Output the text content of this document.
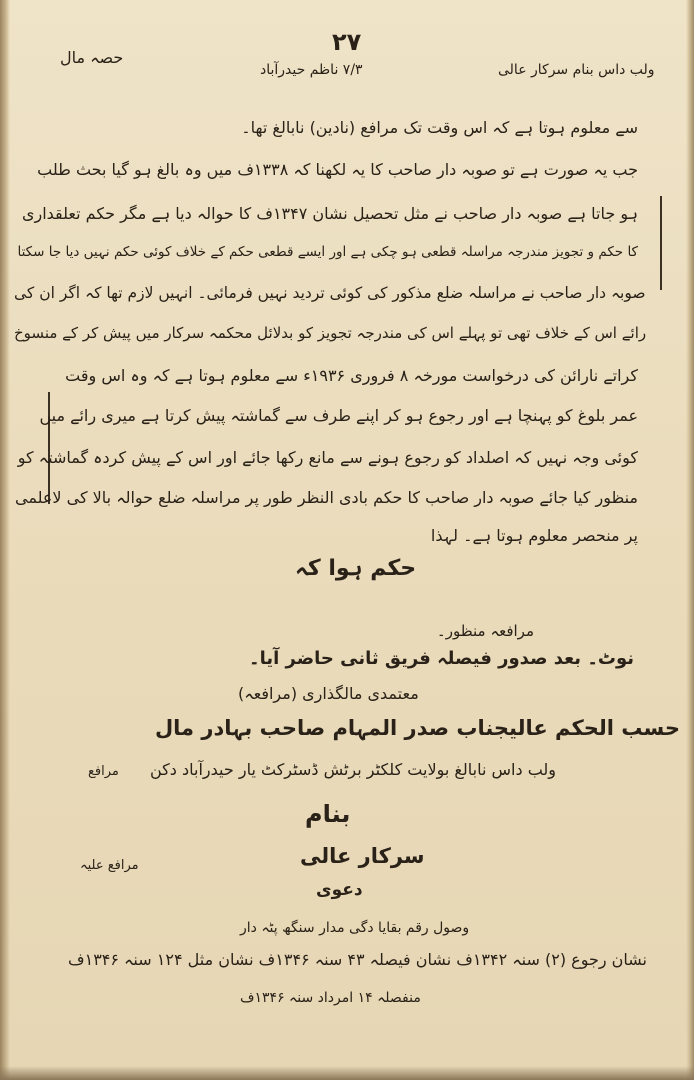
۲۷
حصہ مال
۷/۳ ناظم حیدرآباد	ولب داس بنام سرکار عالی
سے معلوم ہوتا ہے کہ اس وقت تک مرافع (نادین) نابالغ تھا۔
جب یہ صورت ہے تو صوبہ دار صاحب کا یہ لکھنا کہ ۱۳۳۸ف میں وہ بالغ ہو گیا بحث طلب
ہو جاتا ہے صوبہ دار صاحب نے مثل تحصیل نشان ۱۳۴۷ف کا حوالہ دیا ہے مگر حکم تعلقداری
کا حکم و تجویز مندرجہ مراسلہ قطعی ہو چکی ہے اور ایسے قطعی حکم کے خلاف کوئی حکم نہیں دیا جا سکتا
صوبہ دار صاحب نے مراسلہ ضلع مذکور کی کوئی تردید نہیں فرمائی۔ انہیں لازم تھا کہ اگر ان کی
رائے اس کے خلاف تھی تو پہلے اس کی مندرجہ تجویز کو بدلائل محکمہ سرکار میں پیش کر کے منسوخ
کراتے نارائن کی درخواست مورخہ ۸ فروری ۱۹۳۶ء سے معلوم ہوتا ہے کہ وہ اس وقت
عمر بلوغ کو پہنچا ہے اور رجوع ہو کر اپنے طرف سے گماشتہ پیش کرتا ہے میری رائے میں
کوئی وجہ نہیں کہ اصلداد کو رجوع ہونے سے مانع رکھا جائے اور اس کے پیش کردہ گماشتہ کو
منظور کیا جائے صوبہ دار صاحب کا حکم بادی النظر طور پر مراسلہ ضلع حوالہ بالا کی لاعلمی
پر منحصر معلوم ہوتا ہے۔ لہذا
حکم ہوا کہ
مرافعہ منظور۔
نوٹ۔ بعد صدور فیصلہ فریق ثانی حاضر آیا۔
معتمدی مالگذاری (مرافعہ)
حسب الحکم عالیجناب صدر المہام صاحب بہادر مال
ولب داس نابالغ بولایت کلکٹر برٹش ڈسٹرکٹ یار حیدرآباد دکن
مرافع
بنام
سرکار عالی
مرافع علیہ
دعوی
وصول رقم بقایا دگی مدار سنگھ پٹہ دار
نشان رجوع (۲) سنہ ۱۳۴۲ف نشان فیصلہ ۴۳ سنہ ۱۳۴۶ف نشان مثل ۱۲۴ سنہ ۱۳۴۶ف
منفصلہ ۱۴ امرداد سنہ ۱۳۴۶ف
